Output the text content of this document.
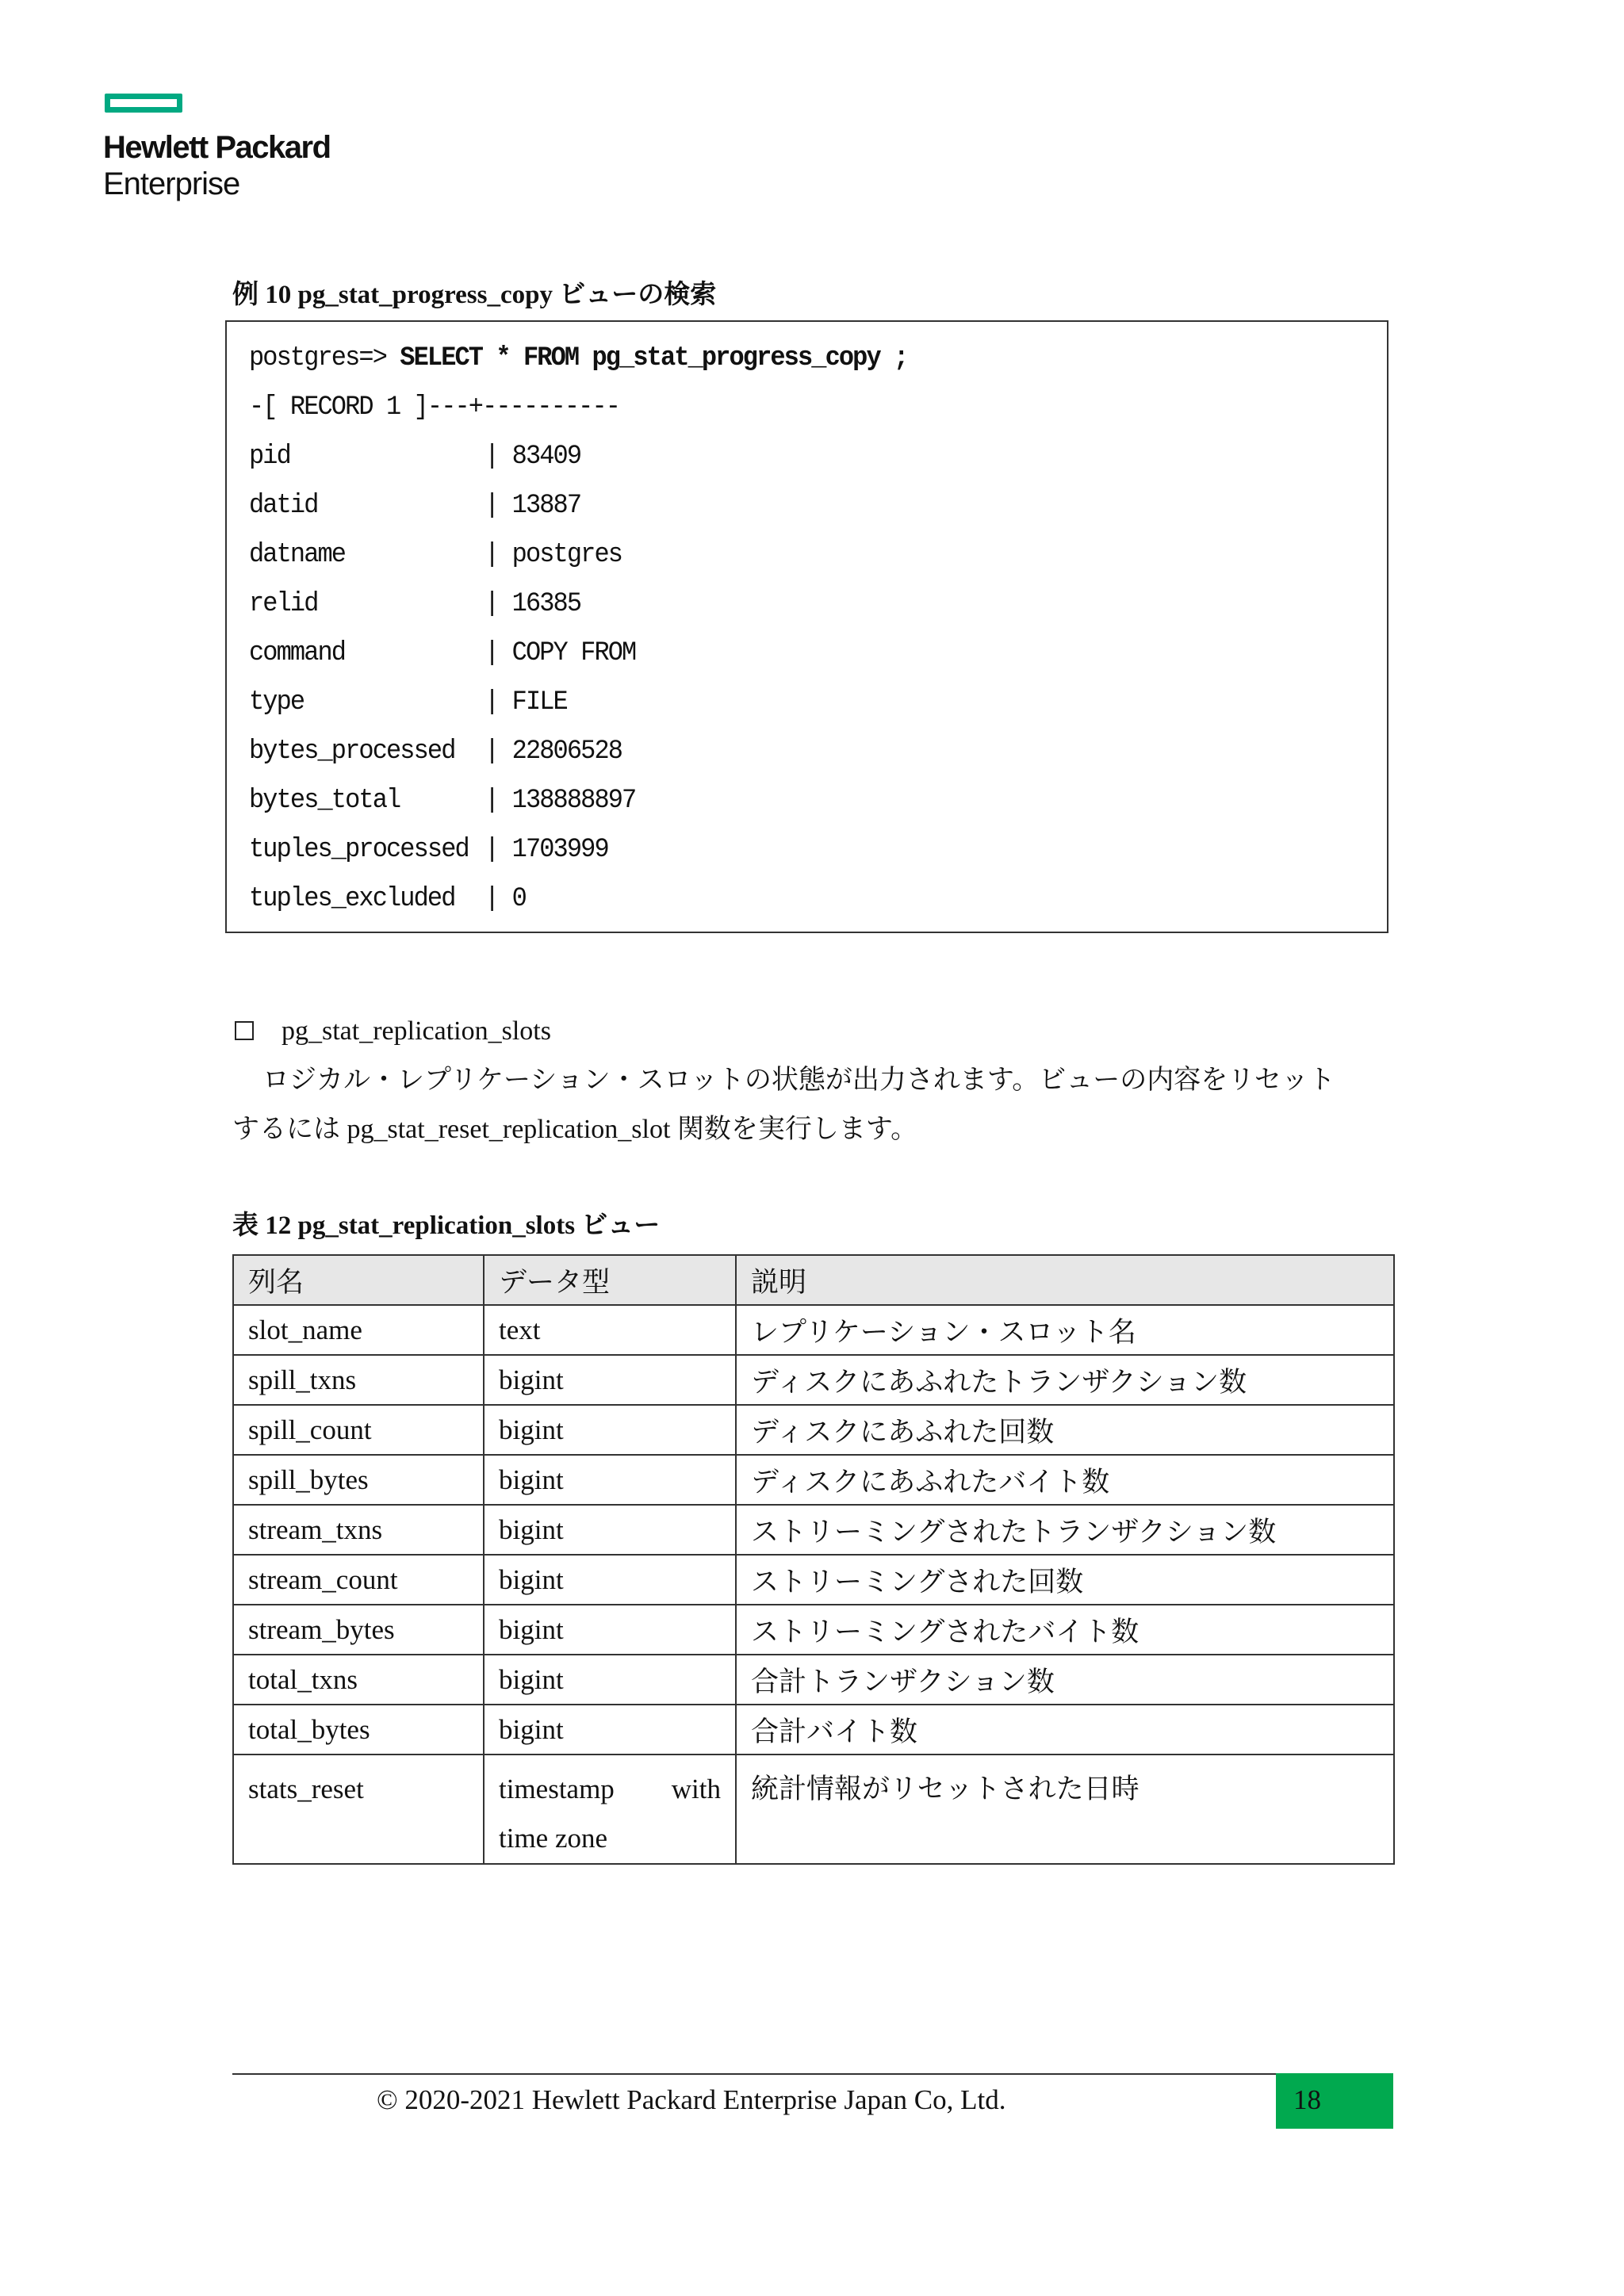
Hewlett Packard
Enterprise
例 10 pg_stat_progress_copy ビューの検索
postgres=> SELECT * FROM pg_stat_progress_copy ;
-[ RECORD 1 ]---+----------
pid	| 83409
datid	| 13887
datname	| postgres
relid	| 16385
command	| COPY FROM
type	| FILE
bytes_processed | 22806528
bytes_total	| 138888897
tuples_processed | 1703999
tuples_excluded | 0
pg_stat_replication_slots
ロジカル・レプリケーション・スロットの状態が出力されます。ビューの内容をリセット
するには pg_stat_reset_replication_slot 関数を実行します。
表 12 pg_stat_replication_slots ビュー
列名	データ型	説明
slot_name	text	レプリケーション・スロット名
spill_txns	bigint	ディスクにあふれたトランザクション数
spill_count	bigint	ディスクにあふれた回数
spill_bytes	bigint	ディスクにあふれたバイト数
stream_txns	bigint	ストリーミングされたトランザクション数
stream_count	bigint	ストリーミングされた回数
stream_bytes	bigint	ストリーミングされたバイト数
total_txns	bigint	合計トランザクション数
total_bytes	bigint	合計バイト数
stats_reset	timestamp with time zone	統計情報がリセットされた日時
© 2020-2021 Hewlett Packard Enterprise Japan Co, Ltd.	18
